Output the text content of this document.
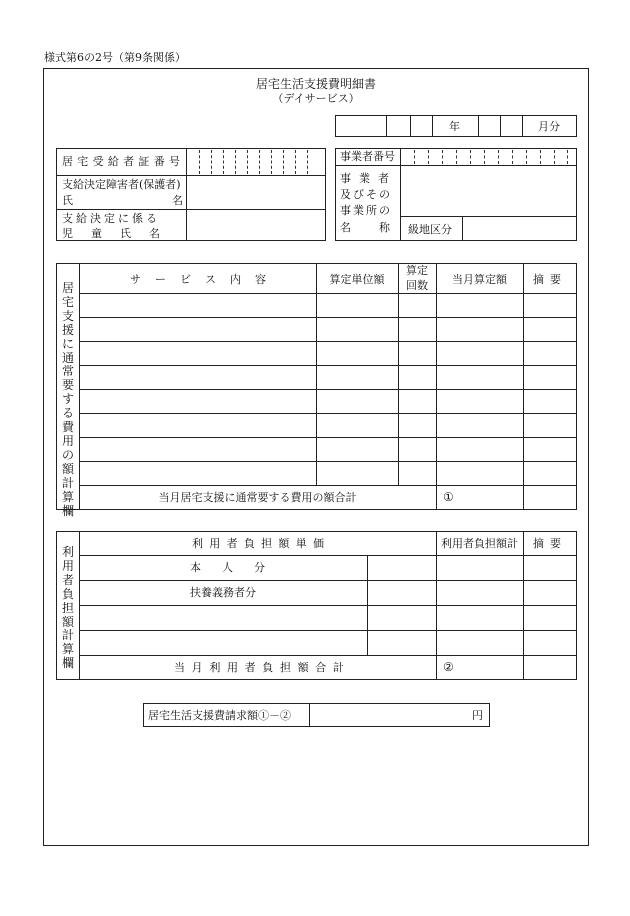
様式第6の2号（第9条関係）
居宅生活支援費明細書
（デイサービス）
年	月分
居 宅 受 給 者 証 番 号
支給決定障害者(保護者)
氏	名
支給決定に係る
児童氏名
事業者番号
事業者
及びその
事業所の
名称
級地区分
居宅支援に通常要する費用の額計算欄
サ ー ビ ス 内 容	算定単位額
算定
回数	当月算定額	摘要
当月居宅支援に通常要する費用の額合計	①
利用者負担額計算欄
利 用 者 負 担 額 単 価	利用者負担額計	摘要
本人分
扶養義務者分
当 月 利 用 者 負 担 額 合 計	②
居宅生活支援費請求額①－②	円
